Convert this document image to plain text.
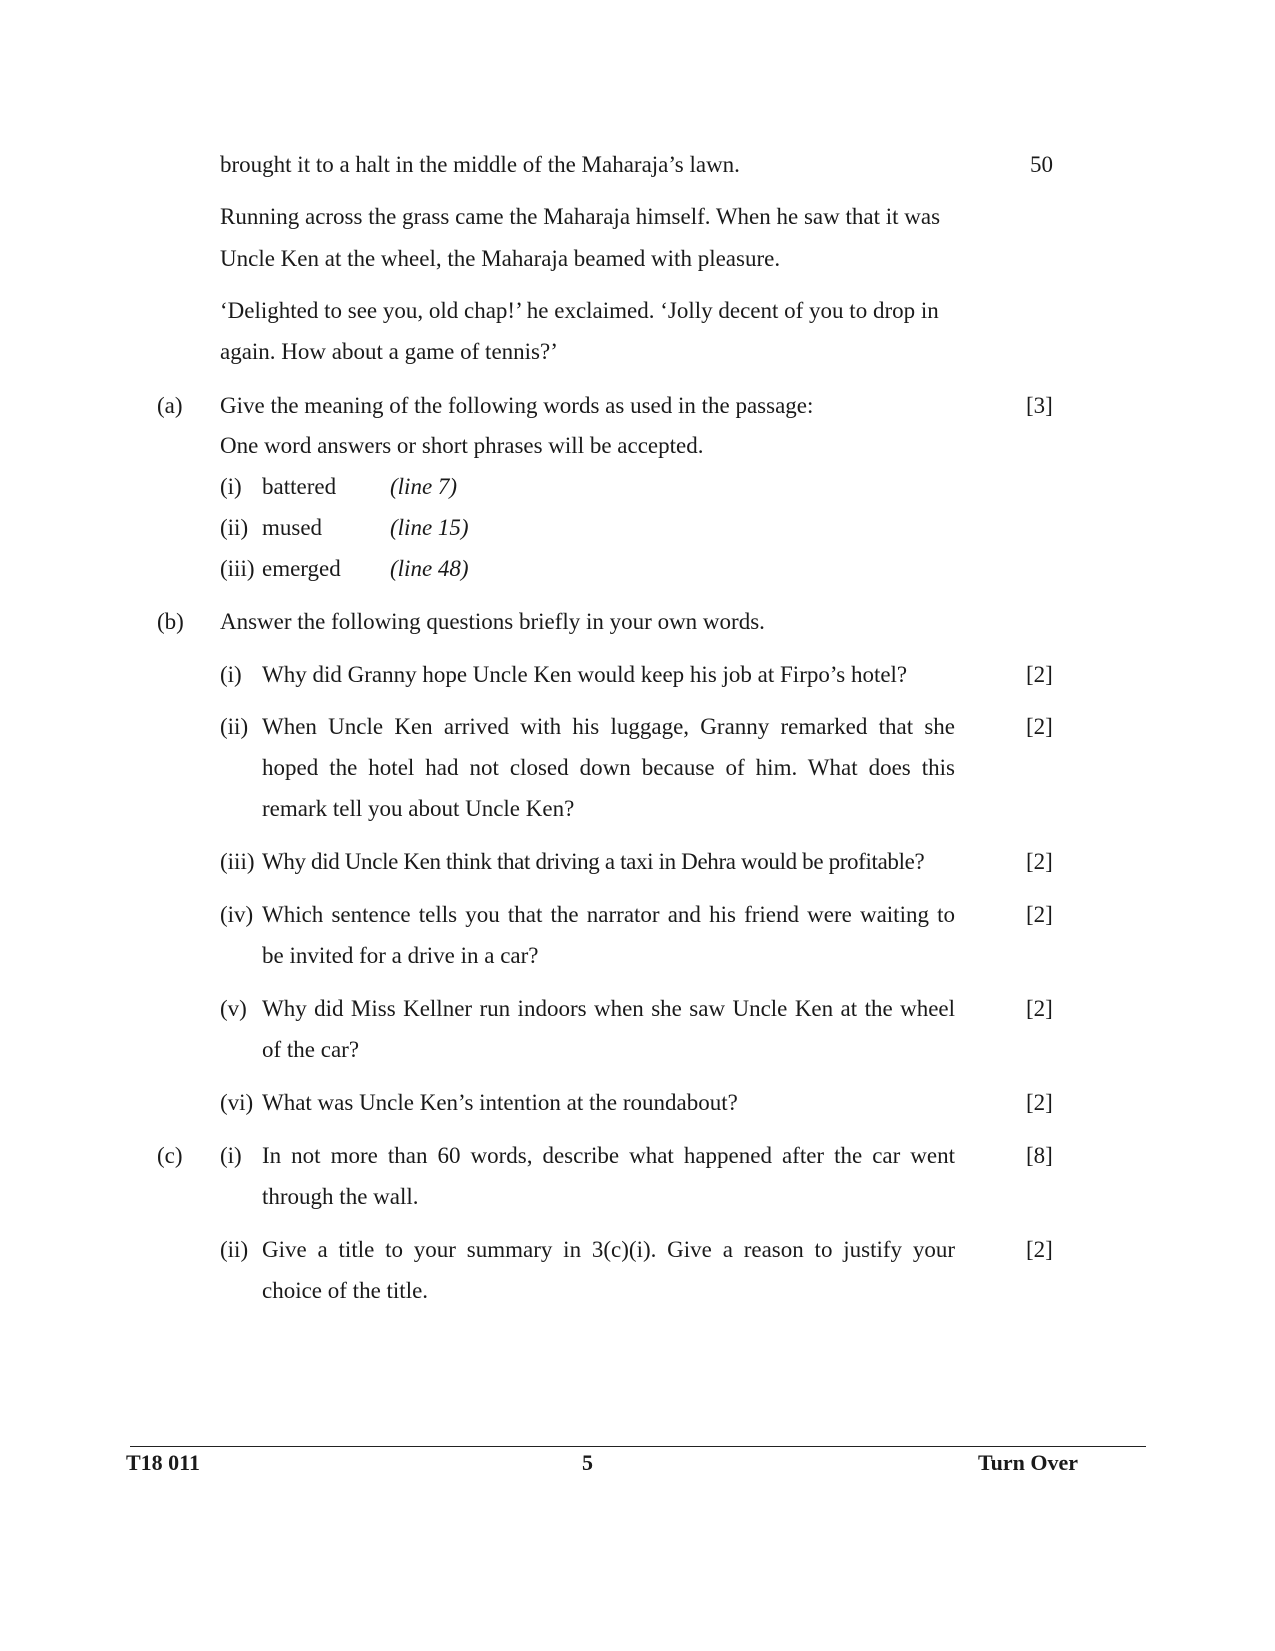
brought it to a halt in the middle of the Maharaja’s lawn.	50
Running across the grass came the Maharaja himself. When he saw that it was
Uncle Ken at the wheel, the Maharaja beamed with pleasure.
‘Delighted to see you, old chap!’ he exclaimed. ‘Jolly decent of you to drop in
again. How about a game of tennis?’
(a) Give the meaning of the following words as used in the passage:	[3]
One word answers or short phrases will be accepted.
(i) battered (line 7)
(ii) mused	(line 15)
(iii) emerged (line 48)
(b) Answer the following questions briefly in your own words.
(i) Why did Granny hope Uncle Ken would keep his job at Firpo’s hotel?	[2]
(ii) When Uncle Ken arrived with his luggage, Granny remarked that she	[2]
hoped the hotel had not closed down because of him. What does this
remark tell you about Uncle Ken?
(iii) Why did Uncle Ken think that driving a taxi in Dehra would be profitable?	[2]
(iv) Which sentence tells you that the narrator and his friend were waiting to	[2]
be invited for a drive in a car?
(v) Why did Miss Kellner run indoors when she saw Uncle Ken at the wheel	[2]
of the car?
(vi) What was Uncle Ken’s intention at the roundabout?	[2]
(c) (i) In not more than 60 words, describe what happened after the car went	[8]
through the wall.
(ii) Give a title to your summary in 3(c)(i). Give a reason to justify your	[2]
choice of the title.
T18 011	5	Turn Over
